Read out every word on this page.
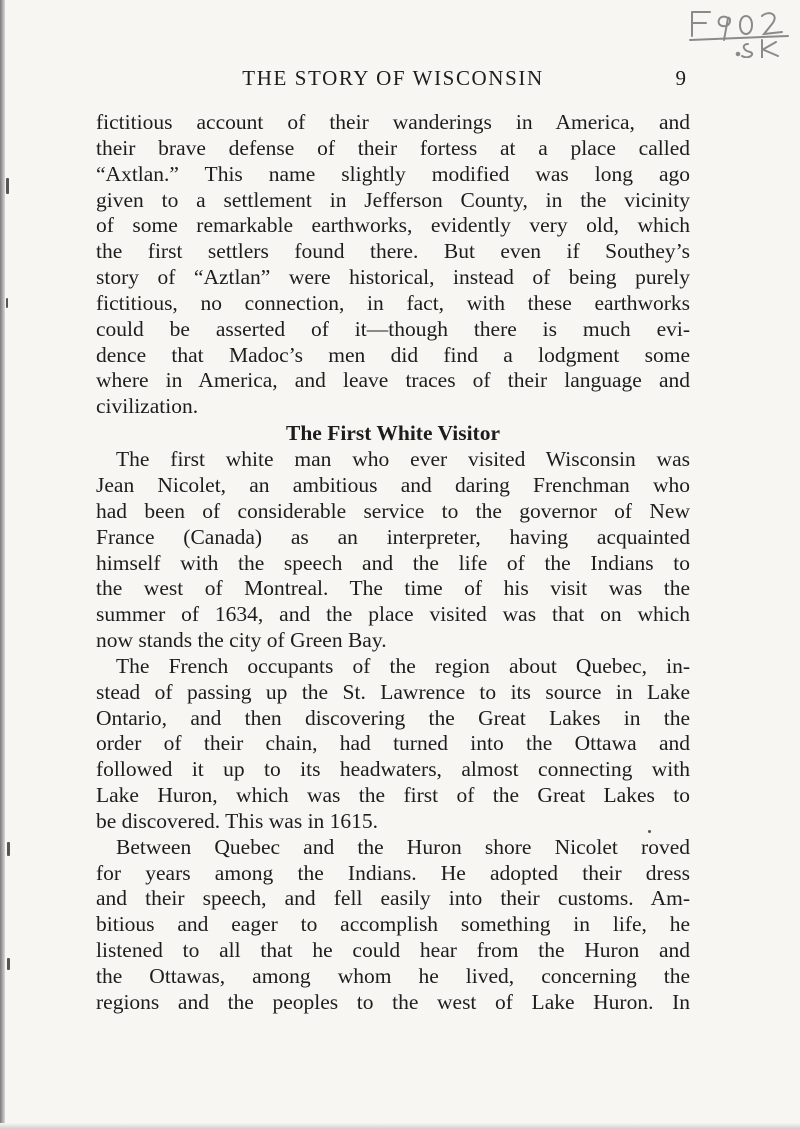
THE STORY OF WISCONSIN	9
fictitious account of their wanderings in America, and
their brave defense of their fortess at a place called
“Axtlan.” This name slightly modified was long ago
given to a settlement in Jefferson County, in the vicinity
of some remarkable earthworks, evidently very old, which
the first settlers found there. But even if Southey’s
story of “Aztlan” were historical, instead of being purely
fictitious, no connection, in fact, with these earthworks
could be asserted of it—though there is much evi-
dence that Madoc’s men did find a lodgment some
where in America, and leave traces of their language and
civilization.
The First White Visitor
The first white man who ever visited Wisconsin was
Jean Nicolet, an ambitious and daring Frenchman who
had been of considerable service to the governor of New
France (Canada) as an interpreter, having acquainted
himself with the speech and the life of the Indians to
the west of Montreal. The time of his visit was the
summer of 1634, and the place visited was that on which
now stands the city of Green Bay.
The French occupants of the region about Quebec, in-
stead of passing up the St. Lawrence to its source in Lake
Ontario, and then discovering the Great Lakes in the
order of their chain, had turned into the Ottawa and
followed it up to its headwaters, almost connecting with
Lake Huron, which was the first of the Great Lakes to
be discovered. This was in 1615.
Between Quebec and the Huron shore Nicolet roved
for years among the Indians. He adopted their dress
and their speech, and fell easily into their customs. Am-
bitious and eager to accomplish something in life, he
listened to all that he could hear from the Huron and
the Ottawas, among whom he lived, concerning the
regions and the peoples to the west of Lake Huron. In
